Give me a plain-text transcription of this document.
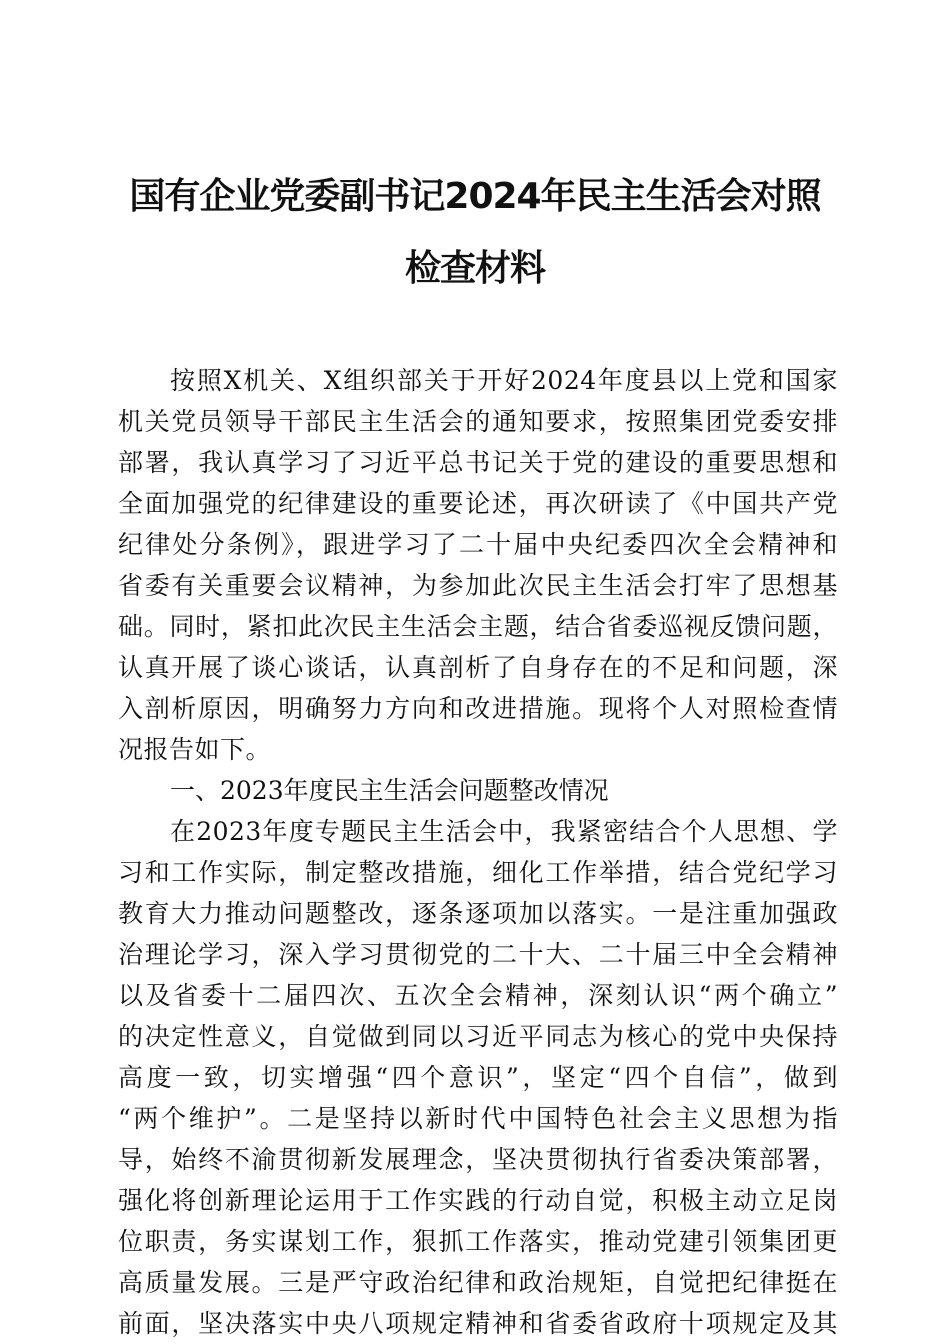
国有企业党委副书记2024年民主生活会对照
检查材料
按照X机关、X组织部关于开好2024年度县以上党和国家
机关党员领导干部民主生活会的通知要求，按照集团党委安排
部署，我认真学习了习近平总书记关于党的建设的重要思想和
全面加强党的纪律建设的重要论述，再次研读了《中国共产党
纪律处分条例》，跟进学习了二十届中央纪委四次全会精神和
省委有关重要会议精神，为参加此次民主生活会打牢了思想基
础。同时，紧扣此次民主生活会主题，结合省委巡视反馈问题，
认真开展了谈心谈话，认真剖析了自身存在的不足和问题，深
入剖析原因，明确努力方向和改进措施。现将个人对照检查情
况报告如下。
一、2023年度民主生活会问题整改情况
在2023年度专题民主生活会中，我紧密结合个人思想、学
习和工作实际，制定整改措施，细化工作举措，结合党纪学习
教育大力推动问题整改，逐条逐项加以落实。一是注重加强政
治理论学习，深入学习贯彻党的二十大、二十届三中全会精神
以及省委十二届四次、五次全会精神，深刻认识“两个确立”
的决定性意义，自觉做到同以习近平同志为核心的党中央保持
高度一致，切实增强“四个意识”，坚定“四个自信”，做到
“两个维护”。二是坚持以新时代中国特色社会主义思想为指
导，始终不渝贯彻新发展理念，坚决贯彻执行省委决策部署，
强化将创新理论运用于工作实践的行动自觉，积极主动立足岗
位职责，务实谋划工作，狠抓工作落实，推动党建引领集团更
高质量发展。三是严守政治纪律和政治规矩，自觉把纪律挺在
前面，坚决落实中央八项规定精神和省委省政府十项规定及其
